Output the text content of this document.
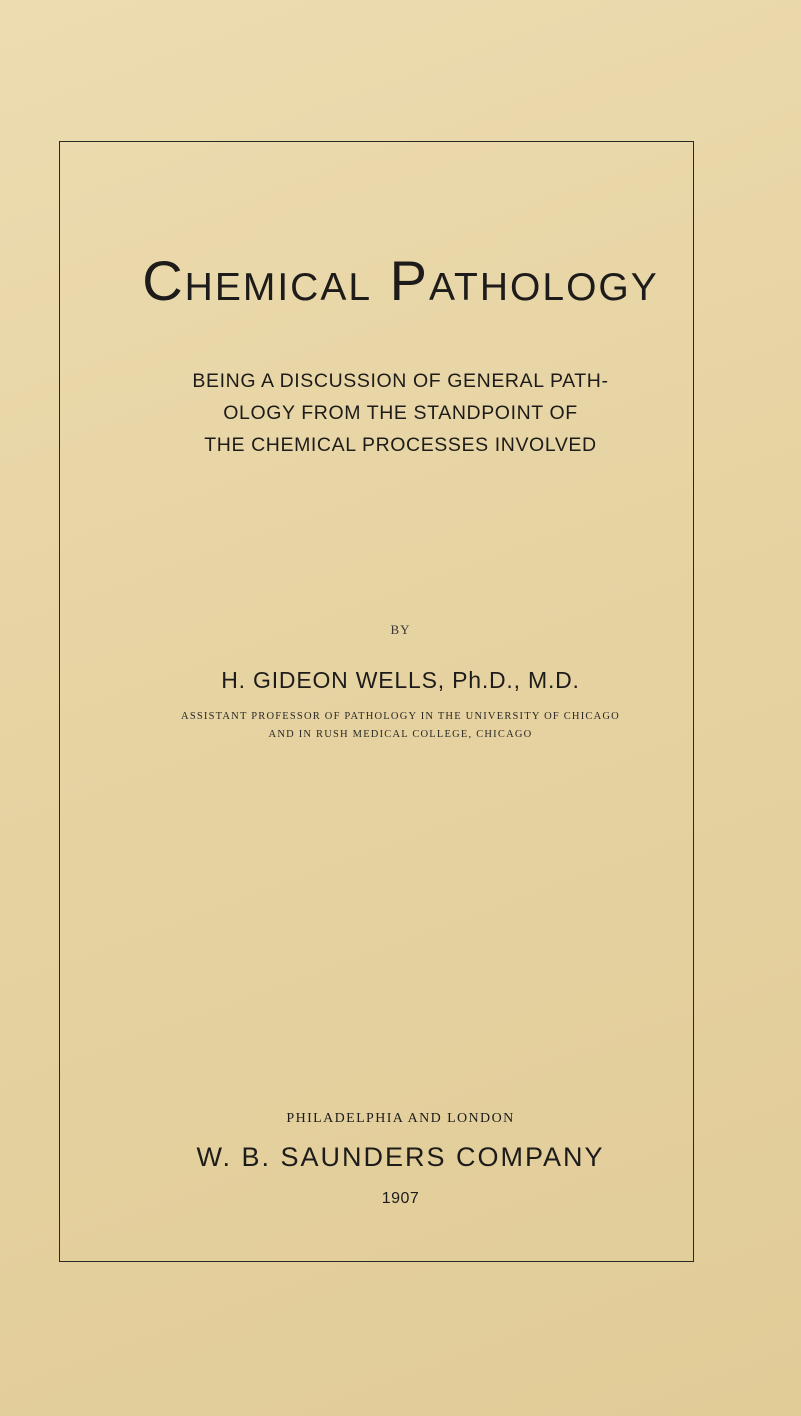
Chemical Pathology
BEING A DISCUSSION OF GENERAL PATH-
OLOGY FROM THE STANDPOINT OF
THE CHEMICAL PROCESSES INVOLVED
BY
H. GIDEON WELLS, Ph.D., M.D.
ASSISTANT PROFESSOR OF PATHOLOGY IN THE UNIVERSITY OF CHICAGO
AND IN RUSH MEDICAL COLLEGE, CHICAGO
PHILADELPHIA AND LONDON
W. B. SAUNDERS COMPANY
1907
